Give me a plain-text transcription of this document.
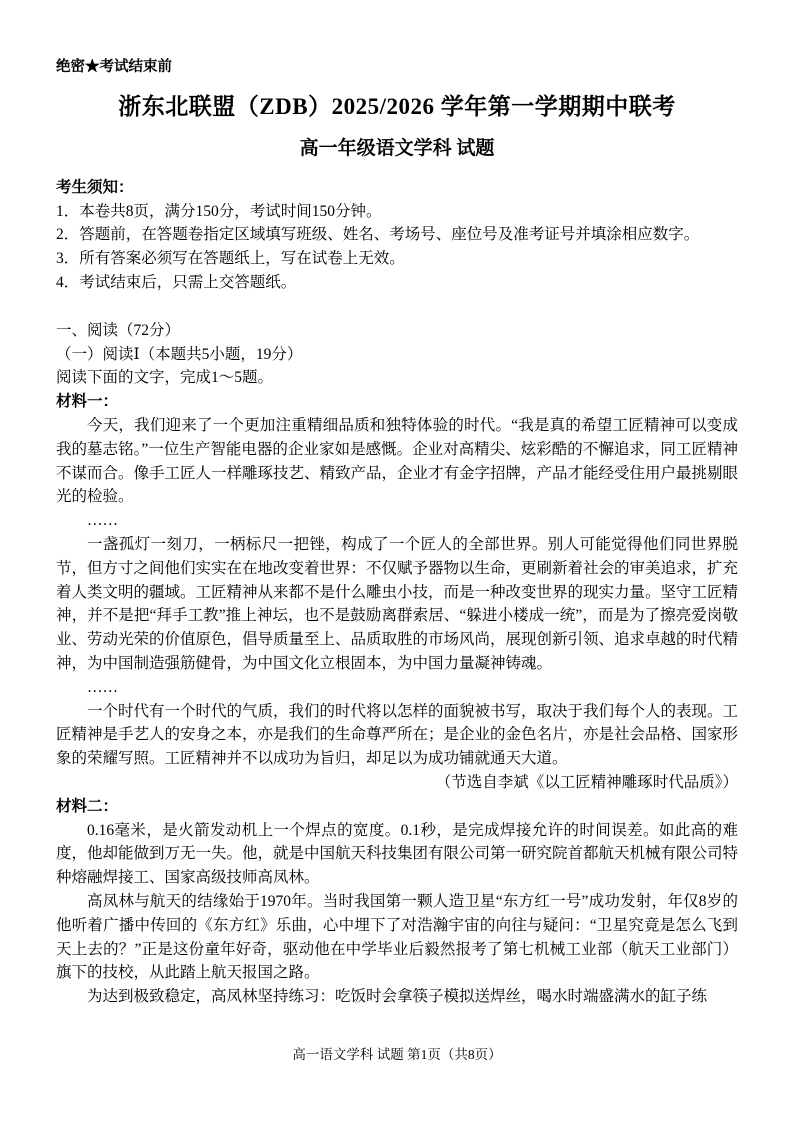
绝密★考试结束前

浙东北联盟（ZDB）2025/2026 学年第一学期期中联考
高一年级语文学科 试题

考生须知：

1．本卷共8页，满分150分，考试时间150分钟。

2．答题前，在答题卷指定区域填写班级、姓名、考场号、座位号及准考证号并填涂相应数字。

3．所有答案必须写在答题纸上，写在试卷上无效。

4．考试结束后，只需上交答题纸。

一、阅读（72分）

（一）阅读Ⅰ（本题共5小题，19分）

阅读下面的文字，完成1～5题。

材料一：

今天，我们迎来了一个更加注重精细品质和独特体验的时代。“我是真的希望工匠精神可以变成我的墓志铭。”一位生产智能电器的企业家如是感慨。企业对高精尖、炫彩酷的不懈追求，同工匠精神不谋而合。像手工匠人一样雕琢技艺、精致产品，企业才有金字招牌，产品才能经受住用户最挑剔眼光的检验。

……

一盏孤灯一刻刀，一柄标尺一把锉，构成了一个匠人的全部世界。别人可能觉得他们同世界脱节，但方寸之间他们实实在在地改变着世界：不仅赋予器物以生命，更刷新着社会的审美追求，扩充着人类文明的疆域。工匠精神从来都不是什么雕虫小技，而是一种改变世界的现实力量。坚守工匠精神，并不是把“拜手工教”推上神坛，也不是鼓励离群索居、“躲进小楼成一统”，而是为了擦亮爱岗敬业、劳动光荣的价值原色，倡导质量至上、品质取胜的市场风尚，展现创新引领、追求卓越的时代精神，为中国制造强筋健骨，为中国文化立根固本，为中国力量凝神铸魂。

……

一个时代有一个时代的气质，我们的时代将以怎样的面貌被书写，取决于我们每个人的表现。工匠精神是手艺人的安身之本，亦是我们的生命尊严所在；是企业的金色名片，亦是社会品格、国家形象的荣耀写照。工匠精神并不以成功为旨归，却足以为成功铺就通天大道。

（节选自李斌《以工匠精神雕琢时代品质》）

材料二：

0.16毫米，是火箭发动机上一个焊点的宽度。0.1秒，是完成焊接允许的时间误差。如此高的难度，他却能做到万无一失。他，就是中国航天科技集团有限公司第一研究院首都航天机械有限公司特种熔融焊接工、国家高级技师高凤林。

高凤林与航天的结缘始于1970年。当时我国第一颗人造卫星“东方红一号”成功发射，年仅8岁的他听着广播中传回的《东方红》乐曲，心中埋下了对浩瀚宇宙的向往与疑问：“卫星究竟是怎么飞到天上去的？”正是这份童年好奇，驱动他在中学毕业后毅然报考了第七机械工业部（航天工业部门）旗下的技校，从此踏上航天报国之路。

为达到极致稳定，高凤林坚持练习：吃饭时会拿筷子模拟送焊丝，喝水时端盛满水的缸子练

高一语文学科 试题 第1页（共8页）
